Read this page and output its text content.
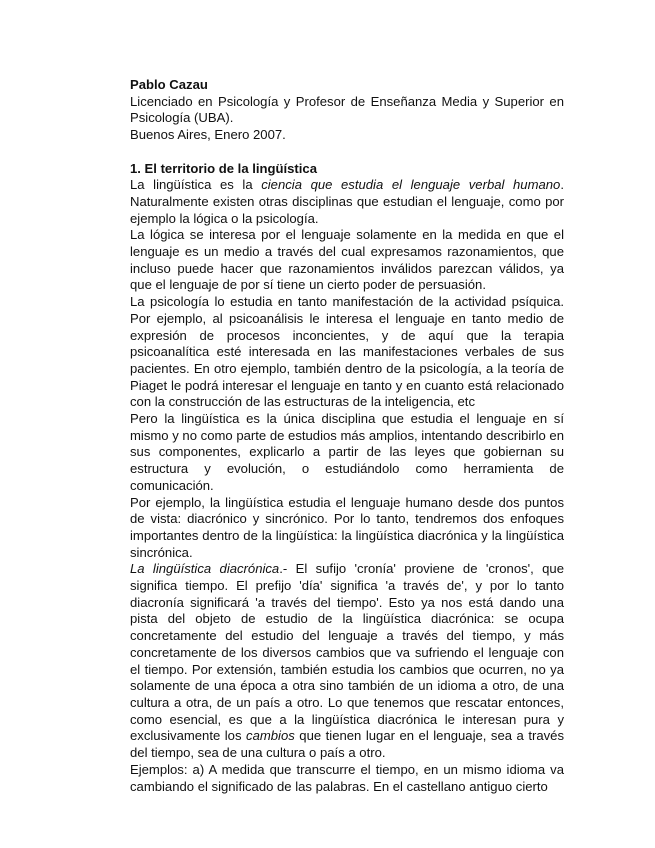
Pablo Cazau

Licenciado en Psicología y Profesor de Enseñanza Media y Superior en Psicología (UBA).

Buenos Aires, Enero 2007.

1. El territorio de la lingüística

La lingüística es la ciencia que estudia el lenguaje verbal humano. Naturalmente existen otras disciplinas que estudian el lenguaje, como por ejemplo la lógica o la psicología.

La lógica se interesa por el lenguaje solamente en la medida en que el lenguaje es un medio a través del cual expresamos razonamientos, que incluso puede hacer que razonamientos inválidos parezcan válidos, ya que el lenguaje de por sí tiene un cierto poder de persuasión.

La psicología lo estudia en tanto manifestación de la actividad psíquica. Por ejemplo, al psicoanálisis le interesa el lenguaje en tanto medio de expresión de procesos inconcientes, y de aquí que la terapia psicoanalítica esté interesada en las manifestaciones verbales de sus pacientes. En otro ejemplo, también dentro de la psicología, a la teoría de Piaget le podrá interesar el lenguaje en tanto y en cuanto está relacionado con la construcción de las estructuras de la inteligencia, etc

Pero la lingüística es la única disciplina que estudia el lenguaje en sí mismo y no como parte de estudios más amplios, intentando describirlo en sus componentes, explicarlo a partir de las leyes que gobiernan su estructura y evolución, o estudiándolo como herramienta de comunicación.

Por ejemplo, la lingüística estudia el lenguaje humano desde dos puntos de vista: diacrónico y sincrónico. Por lo tanto, tendremos dos enfoques importantes dentro de la lingüística: la lingüística diacrónica y la lingüística sincrónica.

La lingüística diacrónica.- El sufijo 'cronía' proviene de 'cronos', que significa tiempo. El prefijo 'día' significa 'a través de', y por lo tanto diacronía significará 'a través del tiempo'. Esto ya nos está dando una pista del objeto de estudio de la lingüística diacrónica: se ocupa concretamente del estudio del lenguaje a través del tiempo, y más concretamente de los diversos cambios que va sufriendo el lenguaje con el tiempo. Por extensión, también estudia los cambios que ocurren, no ya solamente de una época a otra sino también de un idioma a otro, de una cultura a otra, de un país a otro. Lo que tenemos que rescatar entonces, como esencial, es que a la lingüística diacrónica le interesan pura y exclusivamente los cambios que tienen lugar en el lenguaje, sea a través del tiempo, sea de una cultura o país a otro.

Ejemplos: a) A medida que transcurre el tiempo, en un mismo idioma va cambiando el significado de las palabras. En el castellano antiguo cierto
